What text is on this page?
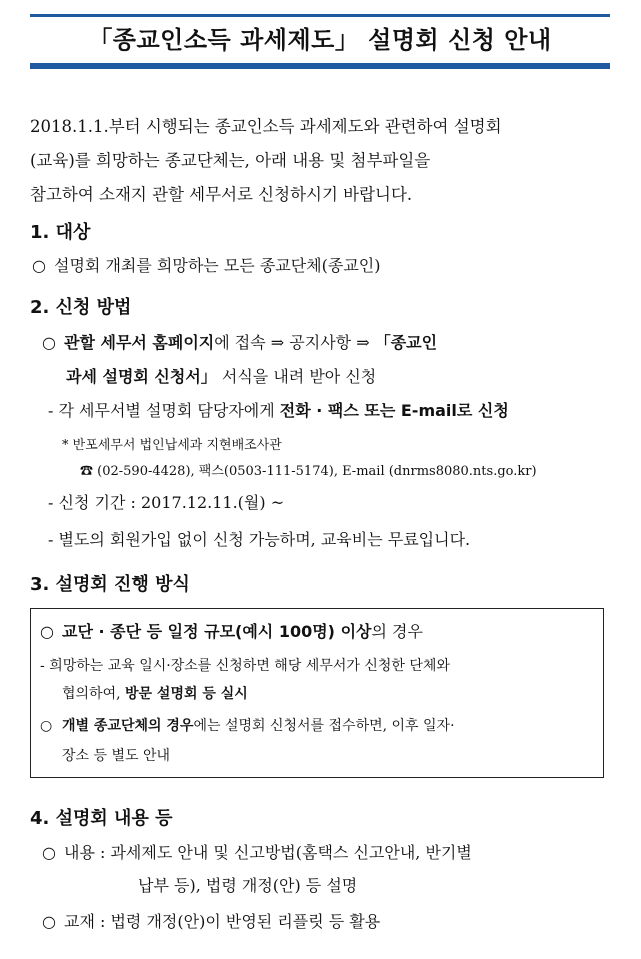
「종교인소득 과세제도」 설명회 신청 안내
2018.1.1.부터 시행되는 종교인소득 과세제도와 관련하여 설명회
(교육)를 희망하는 종교단체는, 아래 내용 및 첨부파일을
참고하여 소재지 관할 세무서로 신청하시기 바랍니다.
1. 대상
○ 설명회 개최를 희망하는 모든 종교단체(종교인)
2. 신청 방법
○ 관할 세무서 홈페이지에 접속 ⇒ 공지사항 ⇒ 「종교인
과세 설명회 신청서」 서식을 내려 받아 신청
- 각 세무서별 설명회 담당자에게 전화 · 팩스 또는 E-mail로 신청
* 반포세무서 법인납세과 지현배조사관
☎ (02-590-4428), 팩스(0503-111-5174), E-mail (dnrms8080.nts.go.kr)
- 신청 기간 : 2017.12.11.(월) ~
- 별도의 회원가입 없이 신청 가능하며, 교육비는 무료입니다.
3. 설명회 진행 방식
○ 교단 · 종단 등 일정 규모(예시 100명) 이상의 경우
- 희망하는 교육 일시·장소를 신청하면 해당 세무서가 신청한 단체와
협의하여, 방문 설명회 등 실시
○ 개별 종교단체의 경우에는 설명회 신청서를 접수하면, 이후 일자·
장소 등 별도 안내
4. 설명회 내용 등
○ 내용 : 과세제도 안내 및 신고방법(홈택스 신고안내, 반기별
납부 등), 법령 개정(안) 등 설명
○ 교재 : 법령 개정(안)이 반영된 리플릿 등 활용
